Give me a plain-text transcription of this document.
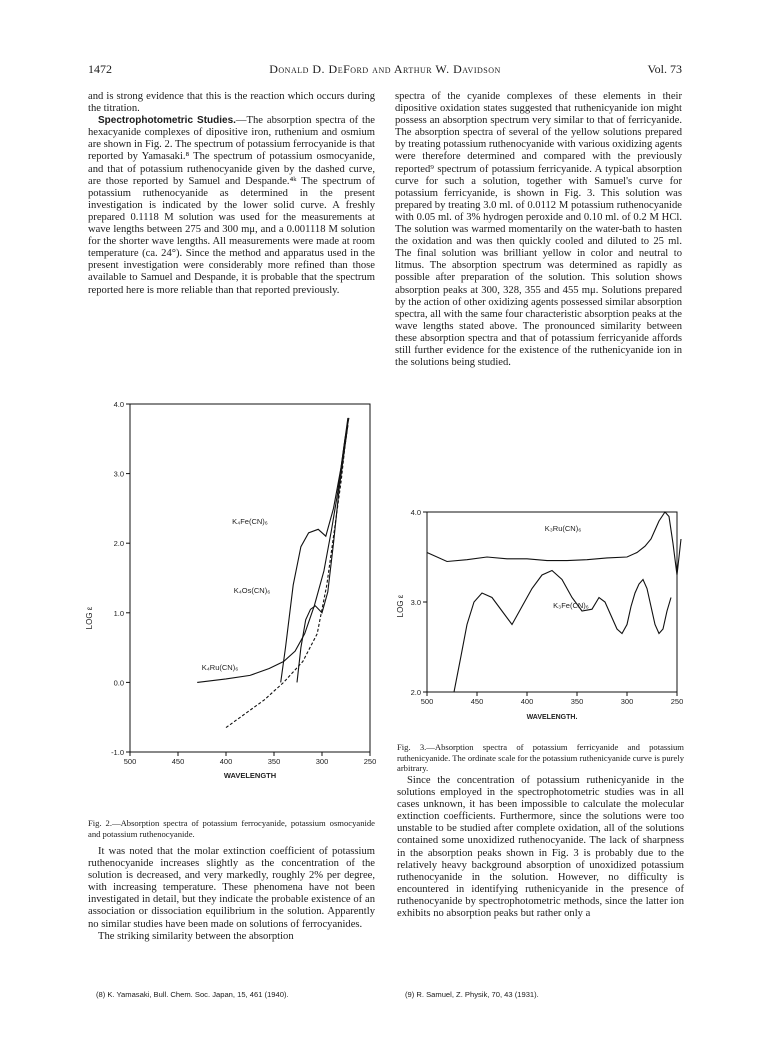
1472	Donald D. DeFord and Arthur W. Davidson	Vol. 73

and is strong evidence that this is the reaction which occurs during the titration.

Spectrophotometric Studies.—The absorption spectra of the hexacyanide complexes of dipositive iron, ruthenium and osmium are shown in Fig. 2. The spectrum of potassium ferrocyanide is that reported by Yamasaki.⁸ The spectrum of potassium osmocyanide, and that of potassium ruthenocyanide given by the dashed curve, are those reported by Samuel and Despande.⁴ᵏ The spectrum of potassium ruthenocyanide as determined in the present investigation is indicated by the lower solid curve. A freshly prepared 0.1118 M solution was used for the measurements at wave lengths between 275 and 300 mμ, and a 0.001118 M solution for the shorter wave lengths. All measurements were made at room temperature (ca. 24°). Since the method and apparatus used in the present investigation were considerably more refined than those available to Samuel and Despande, it is probable that the spectrum reported here is more reliable than that reported previously.

4.0
3.0
2.0
1.0
0.0
-1.0
500	450	400	350	300	250
LOG ε
WAVELENGTH
K₄Fe(CN)₆
K₄Os(CN)₆
K₄Ru(CN)₆
Fig. 2.—Absorption spectra of potassium ferrocyanide, potassium osmocyanide and potassium ruthenocyanide.

It was noted that the molar extinction coefficient of potassium ruthenocyanide increases slightly as the concentration of the solution is decreased, and very markedly, roughly 2% per degree, with increasing temperature. These phenomena have not been investigated in detail, but they indicate the probable existence of an association or dissociation equilibrium in the solution. Apparently no similar studies have been made on solutions of ferrocyanides.

The striking similarity between the absorption

(8) K. Yamasaki, Bull. Chem. Soc. Japan, 15, 461 (1940).

spectra of the cyanide complexes of these elements in their dipositive oxidation states suggested that ruthenicyanide ion might possess an absorption spectrum very similar to that of ferricyanide. The absorption spectra of several of the yellow solutions prepared by treating potassium ruthenocyanide with various oxidizing agents were therefore determined and compared with the previously reported⁹ spectrum of potassium ferricyanide. A typical absorption curve for such a solution, together with Samuel's curve for potassium ferricyanide, is shown in Fig. 3. This solution was prepared by treating 3.0 ml. of 0.0112 M potassium ruthenocyanide with 0.05 ml. of 3% hydrogen peroxide and 0.10 ml. of 0.2 M HCl. The solution was warmed momentarily on the water-bath to hasten the oxidation and was then quickly cooled and diluted to 25 ml. The final solution was brilliant yellow in color and neutral to litmus. The absorption spectrum was determined as rapidly as possible after preparation of the solution. This solution shows absorption peaks at 300, 328, 355 and 455 mμ. Solutions prepared by the action of other oxidizing agents possessed similar absorption spectra, all with the same four characteristic absorption peaks at the wave lengths stated above. The pronounced similarity between these absorption spectra and that of potassium ferricyanide affords still further evidence for the existence of the ruthenicyanide ion in the solutions being studied.

4.0
3.0
2.0
500	450	400	350	300	250
LOG ε
WAVELENGTH.
K₃Ru(CN)₆
K₃Fe(CN)₆
Fig. 3.—Absorption spectra of potassium ferricyanide and potassium ruthenicyanide. The ordinate scale for the potassium ruthenicyanide curve is purely arbitrary.

Since the concentration of potassium ruthenicyanide in the solutions employed in the spectrophotometric studies was in all cases unknown, it has been impossible to calculate the molecular extinction coefficients. Furthermore, since the solutions were too unstable to be studied after complete oxidation, all of the solutions contained some unoxidized ruthenocyanide. The lack of sharpness in the absorption peaks shown in Fig. 3 is probably due to the relatively heavy background absorption of unoxidized potassium ruthenocyanide in the solution. However, no difficulty is encountered in identifying ruthenicyanide in the presence of ruthenocyanide by spectrophotometric methods, since the latter ion exhibits no absorption peaks but rather only a

(9) R. Samuel, Z. Physik, 70, 43 (1931).
